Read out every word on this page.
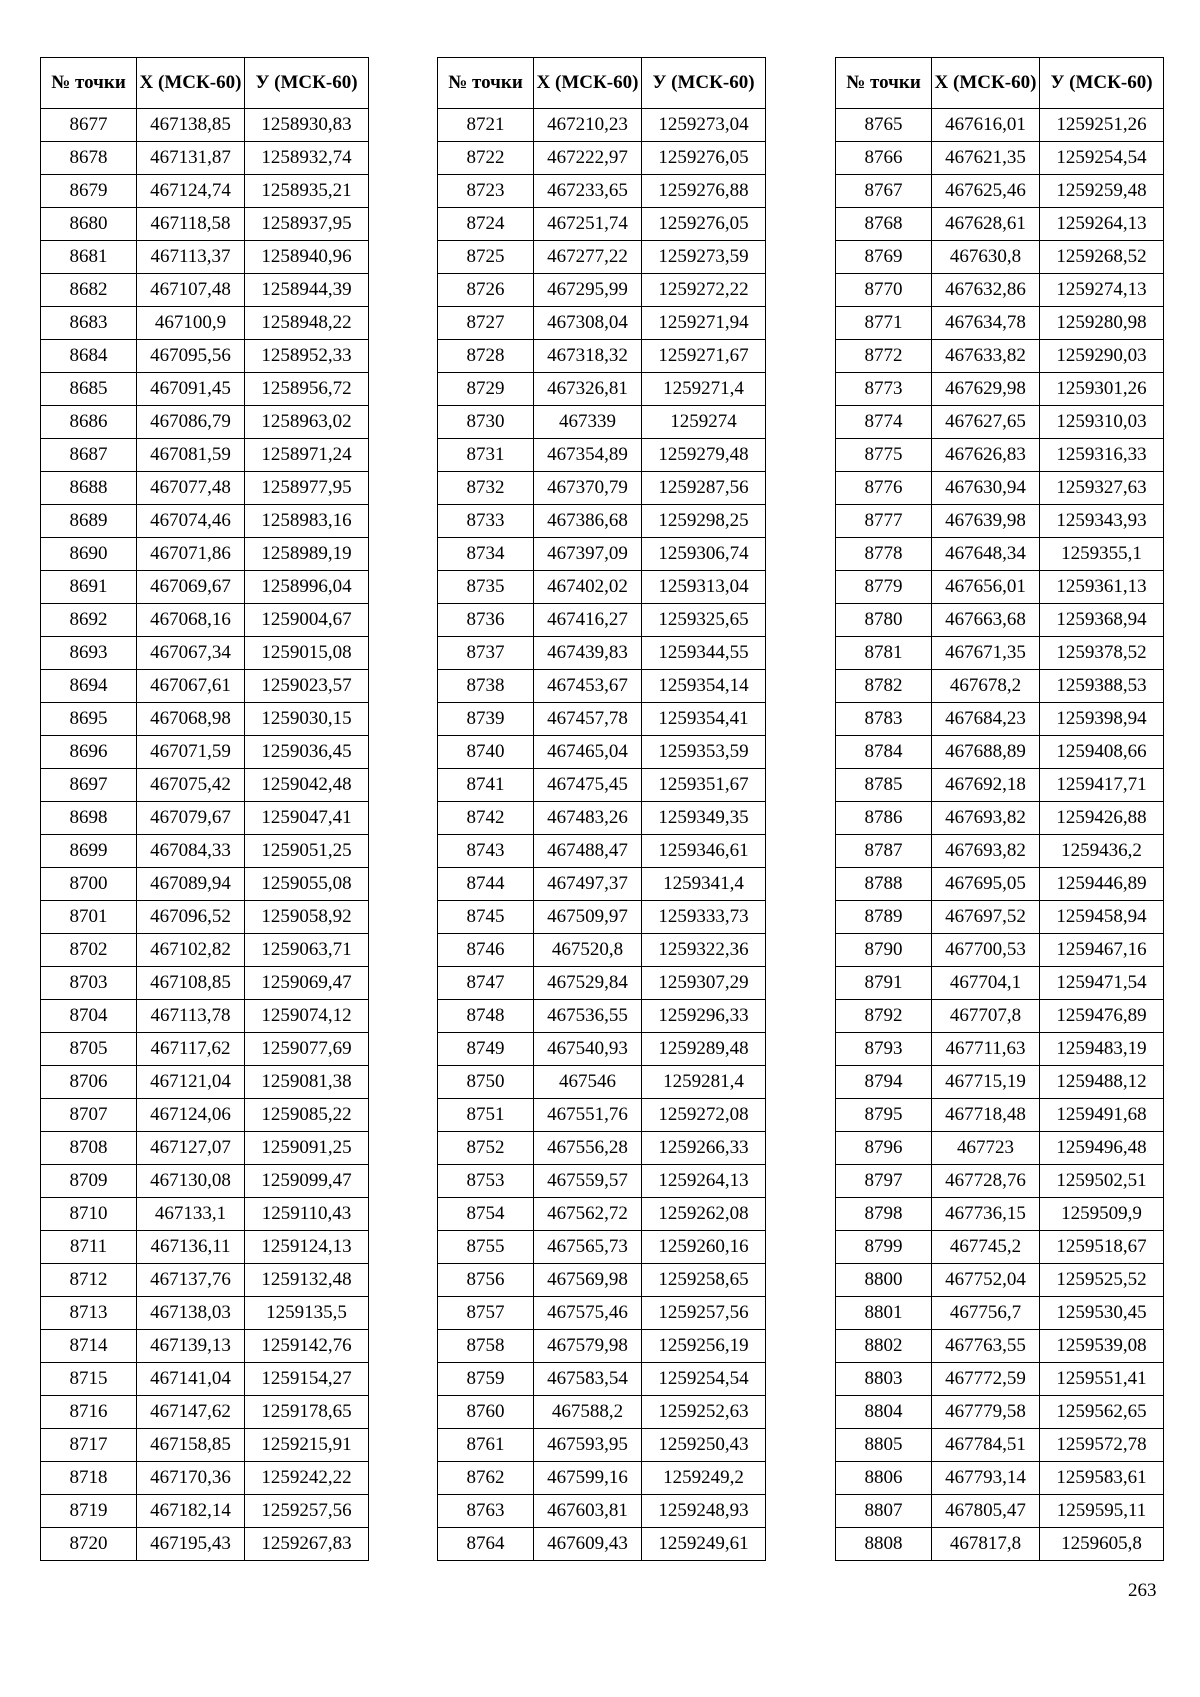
№ точки	X (МСК-60)	У (МСК-60)
8677	467138,85	1258930,83
8678	467131,87	1258932,74
8679	467124,74	1258935,21
8680	467118,58	1258937,95
8681	467113,37	1258940,96
8682	467107,48	1258944,39
8683	467100,9	1258948,22
8684	467095,56	1258952,33
8685	467091,45	1258956,72
8686	467086,79	1258963,02
8687	467081,59	1258971,24
8688	467077,48	1258977,95
8689	467074,46	1258983,16
8690	467071,86	1258989,19
8691	467069,67	1258996,04
8692	467068,16	1259004,67
8693	467067,34	1259015,08
8694	467067,61	1259023,57
8695	467068,98	1259030,15
8696	467071,59	1259036,45
8697	467075,42	1259042,48
8698	467079,67	1259047,41
8699	467084,33	1259051,25
8700	467089,94	1259055,08
8701	467096,52	1259058,92
8702	467102,82	1259063,71
8703	467108,85	1259069,47
8704	467113,78	1259074,12
8705	467117,62	1259077,69
8706	467121,04	1259081,38
8707	467124,06	1259085,22
8708	467127,07	1259091,25
8709	467130,08	1259099,47
8710	467133,1	1259110,43
8711	467136,11	1259124,13
8712	467137,76	1259132,48
8713	467138,03	1259135,5
8714	467139,13	1259142,76
8715	467141,04	1259154,27
8716	467147,62	1259178,65
8717	467158,85	1259215,91
8718	467170,36	1259242,22
8719	467182,14	1259257,56
8720	467195,43	1259267,83
№ точки	X (МСК-60)	У (МСК-60)
8721	467210,23	1259273,04
8722	467222,97	1259276,05
8723	467233,65	1259276,88
8724	467251,74	1259276,05
8725	467277,22	1259273,59
8726	467295,99	1259272,22
8727	467308,04	1259271,94
8728	467318,32	1259271,67
8729	467326,81	1259271,4
8730	467339	1259274
8731	467354,89	1259279,48
8732	467370,79	1259287,56
8733	467386,68	1259298,25
8734	467397,09	1259306,74
8735	467402,02	1259313,04
8736	467416,27	1259325,65
8737	467439,83	1259344,55
8738	467453,67	1259354,14
8739	467457,78	1259354,41
8740	467465,04	1259353,59
8741	467475,45	1259351,67
8742	467483,26	1259349,35
8743	467488,47	1259346,61
8744	467497,37	1259341,4
8745	467509,97	1259333,73
8746	467520,8	1259322,36
8747	467529,84	1259307,29
8748	467536,55	1259296,33
8749	467540,93	1259289,48
8750	467546	1259281,4
8751	467551,76	1259272,08
8752	467556,28	1259266,33
8753	467559,57	1259264,13
8754	467562,72	1259262,08
8755	467565,73	1259260,16
8756	467569,98	1259258,65
8757	467575,46	1259257,56
8758	467579,98	1259256,19
8759	467583,54	1259254,54
8760	467588,2	1259252,63
8761	467593,95	1259250,43
8762	467599,16	1259249,2
8763	467603,81	1259248,93
8764	467609,43	1259249,61
№ точки	X (МСК-60)	У (МСК-60)
8765	467616,01	1259251,26
8766	467621,35	1259254,54
8767	467625,46	1259259,48
8768	467628,61	1259264,13
8769	467630,8	1259268,52
8770	467632,86	1259274,13
8771	467634,78	1259280,98
8772	467633,82	1259290,03
8773	467629,98	1259301,26
8774	467627,65	1259310,03
8775	467626,83	1259316,33
8776	467630,94	1259327,63
8777	467639,98	1259343,93
8778	467648,34	1259355,1
8779	467656,01	1259361,13
8780	467663,68	1259368,94
8781	467671,35	1259378,52
8782	467678,2	1259388,53
8783	467684,23	1259398,94
8784	467688,89	1259408,66
8785	467692,18	1259417,71
8786	467693,82	1259426,88
8787	467693,82	1259436,2
8788	467695,05	1259446,89
8789	467697,52	1259458,94
8790	467700,53	1259467,16
8791	467704,1	1259471,54
8792	467707,8	1259476,89
8793	467711,63	1259483,19
8794	467715,19	1259488,12
8795	467718,48	1259491,68
8796	467723	1259496,48
8797	467728,76	1259502,51
8798	467736,15	1259509,9
8799	467745,2	1259518,67
8800	467752,04	1259525,52
8801	467756,7	1259530,45
8802	467763,55	1259539,08
8803	467772,59	1259551,41
8804	467779,58	1259562,65
8805	467784,51	1259572,78
8806	467793,14	1259583,61
8807	467805,47	1259595,11
8808	467817,8	1259605,8
263
